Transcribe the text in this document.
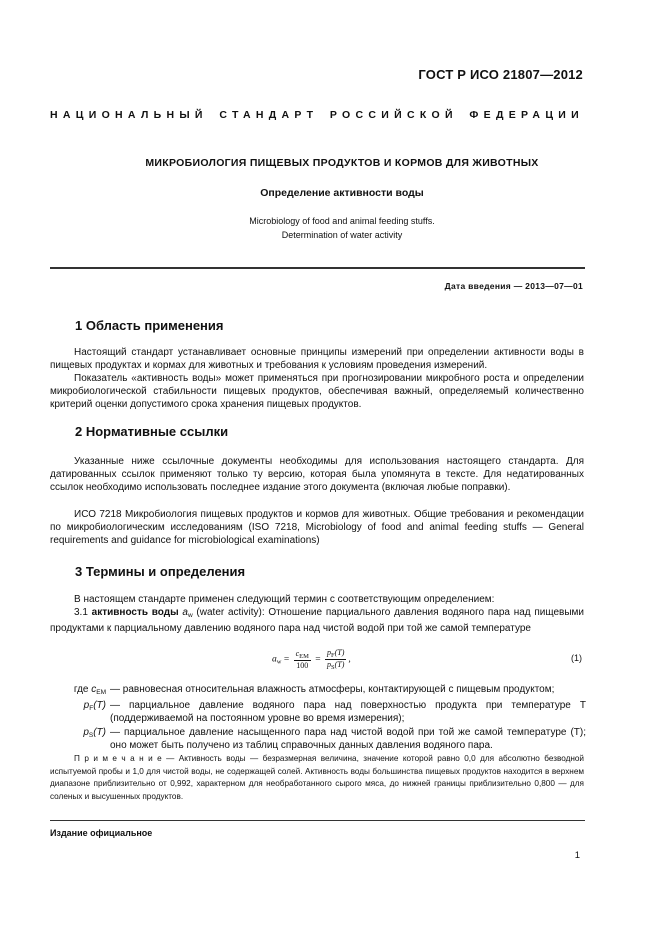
ГОСТ Р ИСО 21807—2012
НАЦИОНАЛЬНЫЙ СТАНДАРТ РОССИЙСКОЙ ФЕДЕРАЦИИ
МИКРОБИОЛОГИЯ ПИЩЕВЫХ ПРОДУКТОВ И КОРМОВ ДЛЯ ЖИВОТНЫХ
Определение активности воды
Microbiology of food and animal feeding stuffs.
Determination of water activity
Дата введения — 2013—07—01
1 Область применения
Настоящий стандарт устанавливает основные принципы измерений при определении активности воды в пищевых продуктах и кормах для животных и требования к условиям проведения измерений.
Показатель «активность воды» может применяться при прогнозировании микробного роста и определении микробиологической стабильности пищевых продуктов, обеспечивая важный, определяемый количественно критерий оценки допустимого срока хранения пищевых продуктов.
2 Нормативные ссылки
Указанные ниже ссылочные документы необходимы для использования настоящего стандарта. Для датированных ссылок применяют только ту версию, которая была упомянута в тексте. Для недатированных ссылок необходимо использовать последнее издание этого документа (включая любые поправки).
ИСО 7218 Микробиология пищевых продуктов и кормов для животных. Общие требования и рекомендации по микробиологическим исследованиям (ISO 7218, Microbiology of food and animal feeding stuffs — General requirements and guidance for microbiological examinations)
3 Термины и определения
В настоящем стандарте применен следующий термин с соответствующим определением:
3.1 активность воды $a_w$ (water activity): Отношение парциального давления водяного пара над пищевыми продуктами к парциальному давлению водяного пара над чистой водой при той же самой температуре
$a_w = \frac{c_{EM}}{100} = \frac{p_F(T)}{p_S(T)}$ ,	(1)
где $c_{EM}$ — равновесная относительная влажность атмосферы, контактирующей с пищевым продуктом;
$p_F(T)$ — парциальное давление водяного пара над поверхностью продукта при температуре T (поддерживаемой на постоянном уровне во время измерения);
$p_S(T)$ — парциальное давление насыщенного пара над чистой водой при той же самой температуре (T); оно может быть получено из таблиц справочных данных давления водяного пара.
П р и м е ч а н и е — Активность воды — безразмерная величина, значение которой равно 0,0 для абсолютно безводной испытуемой пробы и 1,0 для чистой воды, не содержащей солей. Активность воды большинства пищевых продуктов находится в верхнем диапазоне приблизительно от 0,992, характерном для необработанного сырого мяса, до нижней границы приблизительно 0,800 — для соленых и высушенных продуктов.
Издание официальное
1
